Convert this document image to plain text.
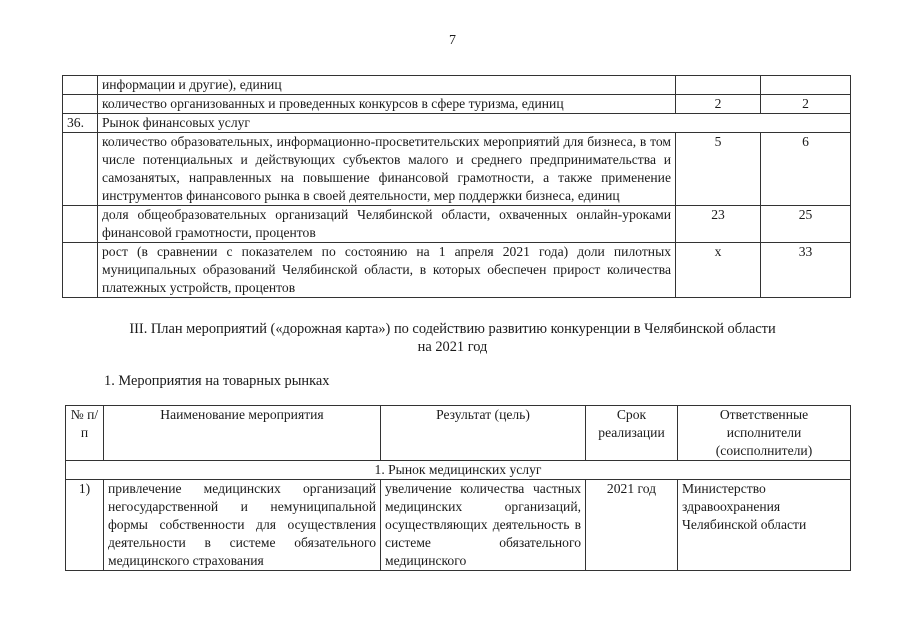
7
	информации и другие), единиц		
	количество организованных и проведенных конкурсов в сфере туризма, единиц	2	2
36.	Рынок финансовых услуг		
	количество образовательных, информационно-просветительских мероприятий для бизнеса, в том числе потенциальных и действующих субъектов малого и среднего предпринимательства и самозанятых, направленных на повышение финансовой грамотности, а также применение инструментов финансового рынка в своей деятельности, мер поддержки бизнеса, единиц	5	6
	доля общеобразовательных организаций Челябинской области, охваченных онлайн-уроками финансовой грамотности, процентов	23	25
	рост (в сравнении с показателем по состоянию на 1 апреля 2021 года) доли пилотных муниципальных образований Челябинской области, в которых обеспечен прирост количества платежных устройств, процентов	x	33
III. План мероприятий («дорожная карта») по содействию развитию конкуренции в Челябинской области
на 2021 год
1. Мероприятия на товарных рынках
№ п/п	Наименование мероприятия	Результат (цель)	Срок реализации	Ответственные исполнители (соисполнители)
1. Рынок медицинских услуг				
1)	привлечение медицинских организаций негосударственной и немуниципальной формы собственности для осуществления деятельности в системе обязательного медицинского страхования	увеличение количества частных медицинских организаций, осуществляющих деятельность в системе обязательного медицинского	2021 год	Министерство здравоохранения Челябинской области
